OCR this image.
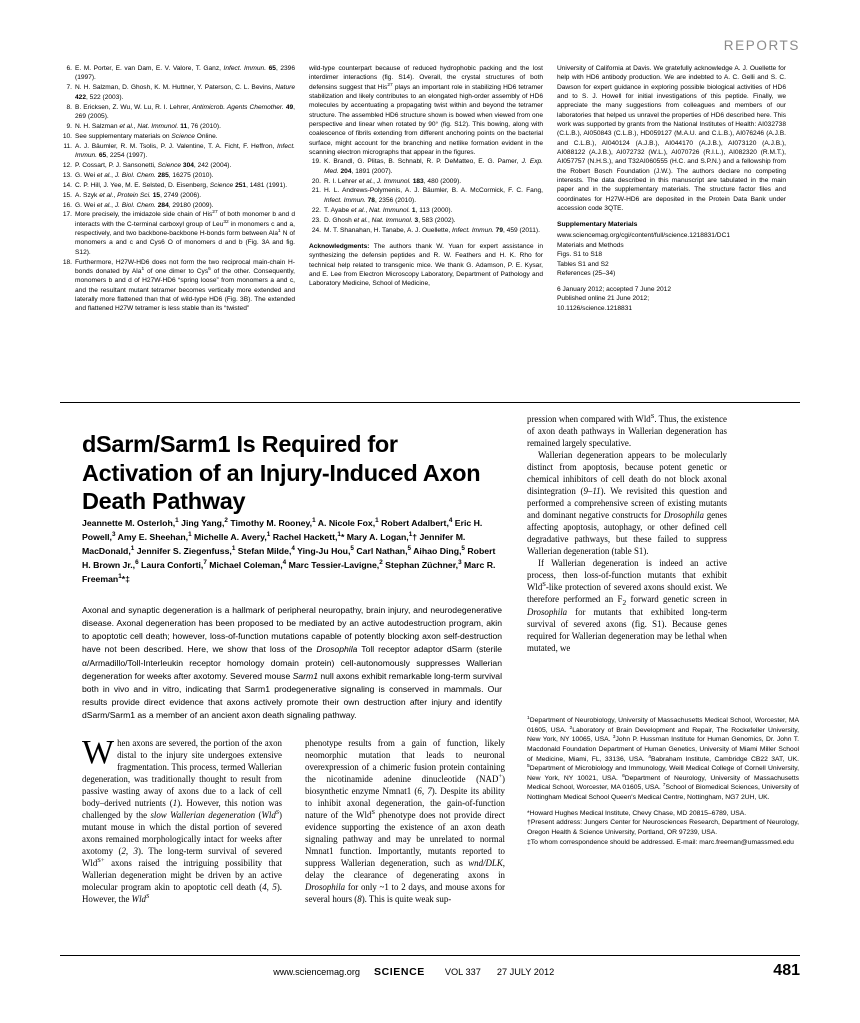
REPORTS
6. E. M. Porter, E. van Dam, E. V. Valore, T. Ganz, Infect. Immun. 65, 2396 (1997).
7. N. H. Salzman, D. Ghosh, K. M. Huttner, Y. Paterson, C. L. Bevins, Nature 422, 522 (2003).
8. B. Ericksen, Z. Wu, W. Lu, R. I. Lehrer, Antimicrob. Agents Chemother. 49, 269 (2005).
9. N. H. Salzman et al., Nat. Immunol. 11, 76 (2010).
10. See supplementary materials on Science Online.
11. A. J. Bäumler, R. M. Tsolis, P. J. Valentine, T. A. Ficht, F. Heffron, Infect. Immun. 65, 2254 (1997).
12. P. Cossart, P. J. Sansonetti, Science 304, 242 (2004).
13. G. Wei et al., J. Biol. Chem. 285, 16275 (2010).
14. C. P. Hill, J. Yee, M. E. Selsted, D. Eisenberg, Science 251, 1481 (1991).
15. A. Szyk et al., Protein Sci. 15, 2749 (2006).
16. G. Wei et al., J. Biol. Chem. 284, 29180 (2009).
17. More precisely, the imidazole side chain of His$^{27}$ of both monomer b and d interacts with the C-terminal carboxyl group of Leu$^{32}$ in monomers c and a, respectively, and two backbone-backbone H-bonds form between Ala$^1$ N of monomers a and c and Cys6 O of monomers d and b (Fig. 3A and fig. S12).
18. Furthermore, H27W-HD6 does not form the two reciprocal main-chain H-bonds donated by Ala$^1$ of one dimer to Cys$^6$ of the other. Consequently, monomers b and d of H27W-HD6 “spring loose” from monomers a and c, and the resultant mutant tetramer becomes vertically more extended and laterally more flattened than that of wild-type HD6 (Fig. 3B). The extended and flattened H27W tetramer is less stable than its “twisted”

wild-type counterpart because of reduced hydrophobic packing and the lost interdimer interactions (fig. S14). Overall, the crystal structures of both defensins suggest that His$^{27}$ plays an important role in stabilizing HD6 tetramer stabilization and likely contributes to an elongated high-order assembly of HD6 molecules by accentuating a propagating twist within and beyond the tetramer structure. The assembled HD6 structure shown is bowed when viewed from one perspective and linear when rotated by 90° (fig. S12). This bowing, along with coalescence of fibrils extending from different anchoring points on the bacterial surface, might account for the branching and netlike formation evident in the scanning electron micrographs that appear in the figures.

19. K. Brandl, G. Plitas, B. Schnabl, R. P. DeMatteo, E. G. Pamer, J. Exp. Med. 204, 1891 (2007).
20. R. I. Lehrer et al., J. Immunol. 183, 480 (2009).
21. H. L. Andrews-Polymenis, A. J. Bäumler, B. A. McCormick, F. C. Fang, Infect. Immun. 78, 2356 (2010).
22. T. Ayabe et al., Nat. Immunol. 1, 113 (2000).
23. D. Ghosh et al., Nat. Immunol. 3, 583 (2002).
24. M. T. Shanahan, H. Tanabe, A. J. Ouellette, Infect. Immun. 79, 459 (2011).

Acknowledgments: The authors thank W. Yuan for expert assistance in synthesizing the defensin peptides and R. W. Feathers and H. K. Rho for technical help related to transgenic mice. We thank G. Adamson, P. E. Kysar, and E. Lee from Electron Microscopy Laboratory, Department of Pathology and Laboratory Medicine, School of Medicine,

University of California at Davis. We gratefully acknowledge A. J. Ouellette for help with HD6 antibody production. We are indebted to A. C. Gelli and S. C. Dawson for expert guidance in exploring possible biological activities of HD6 and to S. J. Howell for initial investigations of this peptide. Finally, we appreciate the many suggestions from colleagues and members of our laboratories that helped us unravel the properties of HD6 described here. This work was supported by grants from the National Institutes of Health: AI032738 (C.L.B.), AI050843 (C.L.B.), HD059127 (M.A.U. and C.L.B.), AI076246 (A.J.B. and C.L.B.), AI040124 (A.J.B.), AI044170 (A.J.B.), AI073120 (A.J.B.), AI088122 (A.J.B.), AI072732 (W.L.), AI070726 (R.I.L.), AI082320 (R.M.T.), AI057757 (N.H.S.), and T32AI060555 (H.C. and S.P.N.) and a fellowship from the Robert Bosch Foundation (J.W.). The authors declare no competing interests. The data described in this manuscript are tabulated in the main paper and in the supplementary materials. The structure factor files and coordinates for H27W-HD6 are deposited in the Protein Data Bank under accession code 3QTE.

Supplementary Materials
www.sciencemag.org/cgi/content/full/science.1218831/DC1
Materials and Methods
Figs. S1 to S18
Tables S1 and S2
References (25–34)
6 January 2012; accepted 7 June 2012
Published online 21 June 2012;
10.1126/science.1218831
dSarm/Sarm1 Is Required for Activation of an Injury-Induced Axon Death Pathway
Jeannette M. Osterloh,$^1$ Jing Yang,$^2$ Timothy M. Rooney,$^1$ A. Nicole Fox,$^1$ Robert Adalbert,$^4$ Eric H. Powell,$^3$ Amy E. Sheehan,$^1$ Michelle A. Avery,$^1$ Rachel Hackett,$^1$* Mary A. Logan,$^1$† Jennifer M. MacDonald,$^1$ Jennifer S. Ziegenfuss,$^1$ Stefan Milde,$^4$ Ying-Ju Hou,$^5$ Carl Nathan,$^5$ Aihao Ding,$^5$ Robert H. Brown Jr.,$^6$ Laura Conforti,$^7$ Michael Coleman,$^4$ Marc Tessier-Lavigne,$^2$ Stephan Züchner,$^3$ Marc R. Freeman$^1$*‡
Axonal and synaptic degeneration is a hallmark of peripheral neuropathy, brain injury, and neurodegenerative disease. Axonal degeneration has been proposed to be mediated by an active autodestruction program, akin to apoptotic cell death; however, loss-of-function mutations capable of potently blocking axon self-destruction have not been described. Here, we show that loss of the Drosophila Toll receptor adaptor dSarm (sterile α/Armadillo/Toll-Interleukin receptor homology domain protein) cell-autonomously suppresses Wallerian degeneration for weeks after axotomy. Severed mouse Sarm1 null axons exhibit remarkable long-term survival both in vivo and in vitro, indicating that Sarm1 prodegenerative signaling is conserved in mammals. Our results provide direct evidence that axons actively promote their own destruction after injury and identify dSarm/Sarm1 as a member of an ancient axon death signaling pathway.

When axons are severed, the portion of the axon distal to the injury site undergoes extensive fragmentation. This process, termed Wallerian degeneration, was traditionally thought to result from passive wasting away of axons due to a lack of cell body–derived nutrients (1). However, this notion was challenged by the slow Wallerian degeneration (Wld$^S$) mutant mouse in which the distal portion of severed axons remained morphologically intact for weeks after axotomy (2, 3). The long-term survival of severed Wld$^{S+}$ axons raised the intriguing possibility that Wallerian degeneration might be driven by an active molecular program akin to apoptotic cell death (4, 5). However, the Wld$^S$

phenotype results from a gain of function, likely neomorphic mutation that leads to neuronal overexpression of a chimeric fusion protein containing the nicotinamide adenine dinucleotide (NAD+) biosynthetic enzyme Nmnat1 (6, 7). Despite its ability to inhibit axonal degeneration, the gain-of-function nature of the Wld$^S$ phenotype does not provide direct evidence supporting the existence of an axon death signaling pathway and may be unrelated to normal Nmnat1 function. Importantly, mutants reported to suppress Wallerian degeneration, such as wnd/DLK, delay the clearance of degenerating axons in Drosophila for only ~1 to 2 days, and mouse axons for several hours (8). This is quite weak sup-

pression when compared with Wld$^S$. Thus, the existence of axon death pathways in Wallerian degeneration has remained largely speculative.

Wallerian degeneration appears to be molecularly distinct from apoptosis, because potent genetic or chemical inhibitors of cell death do not block axonal disintegration (9–11). We revisited this question and performed a comprehensive screen of existing mutants and dominant negative constructs for Drosophila genes affecting apoptosis, autophagy, or other defined cell degradative pathways, but these failed to suppress Wallerian degeneration (table S1).

If Wallerian degeneration is indeed an active process, then loss-of-function mutants that exhibit Wld$^S$-like protection of severed axons should exist. We therefore performed an $F_2$ forward genetic screen in Drosophila for mutants that exhibited long-term survival of severed axons (fig. S1). Because genes required for Wallerian degeneration may be lethal when mutated, we

$^1$Department of Neurobiology, University of Massachusetts Medical School, Worcester, MA 01605, USA. $^2$Laboratory of Brain Development and Repair, The Rockefeller University, New York, NY 10065, USA. $^3$John P. Hussman Institute for Human Genomics, Dr. John T. Macdonald Foundation Department of Human Genetics, University of Miami Miller School of Medicine, Miami, FL, 33136, USA. $^4$Babraham Institute, Cambridge CB22 3AT, UK. $^5$Department of Microbiology and Immunology, Weill Medical College of Cornell University, New York, NY 10021, USA. $^6$Department of Neurology, University of Massachusetts Medical School, Worcester, MA 01605, USA. $^7$School of Biomedical Sciences, University of Nottingham Medical School Queen's Medical Centre, Nottingham, NG7 2UH, UK.

*Howard Hughes Medical Institute, Chevy Chase, MD 20815–6789, USA.

†Present address: Jungers Center for Neurosciences Research, Department of Neurology, Oregon Health & Science University, Portland, OR 97239, USA.

‡To whom correspondence should be addressed. E-mail: marc.freeman@umassmed.edu

www.sciencemag.org	SCIENCE VOL 337 27 JULY 2012	481
